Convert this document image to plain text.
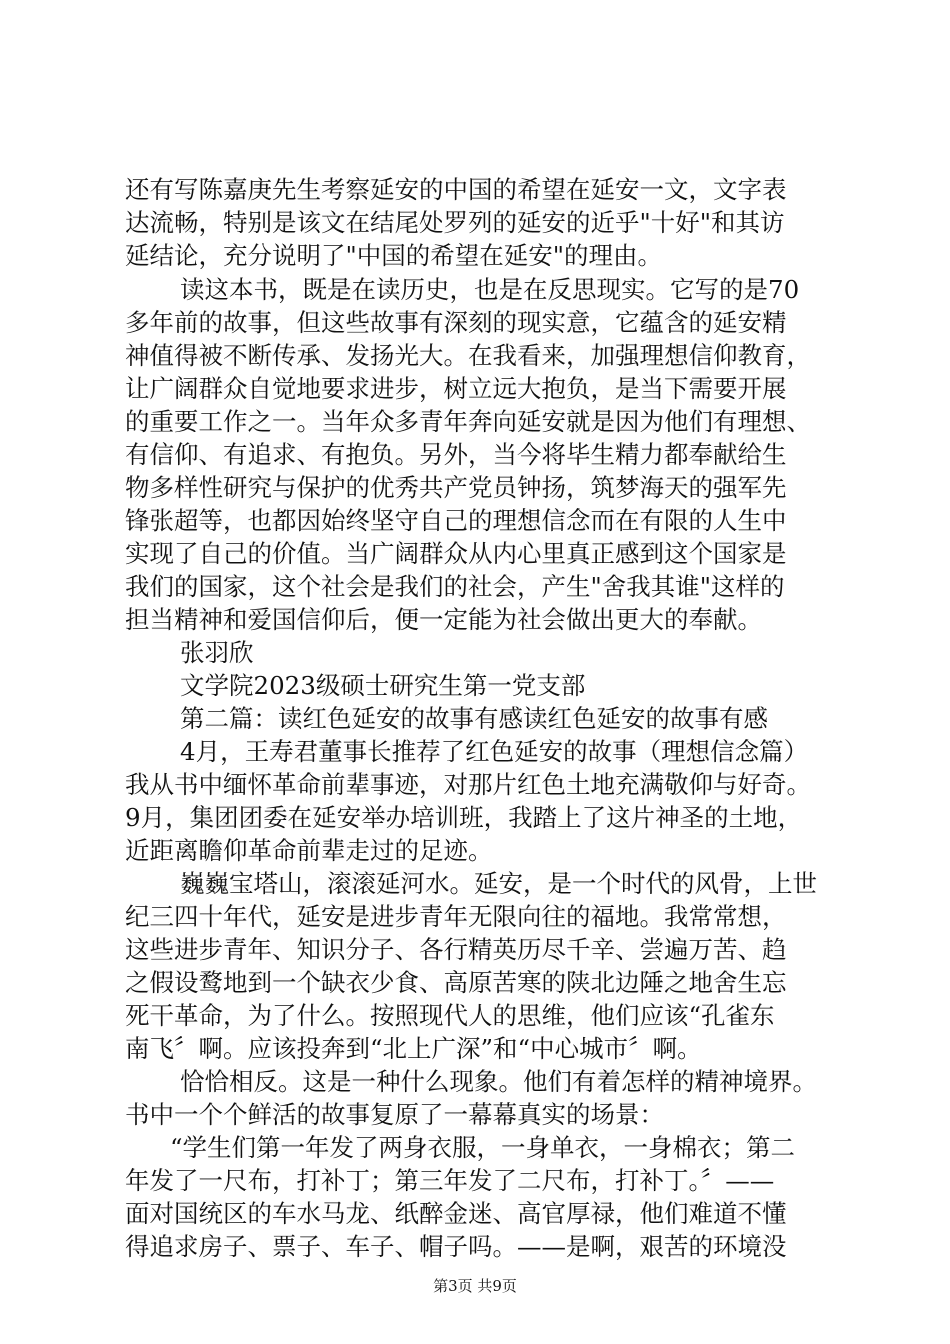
还有写陈嘉庚先生考察延安的中国的希望在延安一文，文字表
达流畅，特别是该文在结尾处罗列的延安的近乎"十好"和其访
延结论，充分说明了"中国的希望在延安"的理由。
读这本书，既是在读历史，也是在反思现实。它写的是70
多年前的故事，但这些故事有深刻的现实意，它蕴含的延安精
神值得被不断传承、发扬光大。在我看来，加强理想信仰教育，
让广阔群众自觉地要求进步，树立远大抱负，是当下需要开展
的重要工作之一。当年众多青年奔向延安就是因为他们有理想、
有信仰、有追求、有抱负。另外，当今将毕生精力都奉献给生
物多样性研究与保护的优秀共产党员钟扬，筑梦海天的强军先
锋张超等，也都因始终坚守自己的理想信念而在有限的人生中
实现了自己的价值。当广阔群众从内心里真正感到这个国家是
我们的国家，这个社会是我们的社会，产生"舍我其谁"这样的
担当精神和爱国信仰后，便一定能为社会做出更大的奉献。
张羽欣
文学院2023级硕士研究生第一党支部
第二篇：读红色延安的故事有感读红色延安的故事有感
4月，王寿君董事长推荐了红色延安的故事（理想信念篇）
我从书中缅怀革命前辈事迹，对那片红色土地充满敬仰与好奇。
9月，集团团委在延安举办培训班，我踏上了这片神圣的土地，
近距离瞻仰革命前辈走过的足迹。
巍巍宝塔山，滚滚延河水。延安，是一个时代的风骨，上世
纪三四十年代，延安是进步青年无限向往的福地。我常常想，
这些进步青年、知识分子、各行精英历尽千辛、尝遍万苦、趋
之假设鹜地到一个缺衣少食、高原苦寒的陕北边陲之地舍生忘
死干革命，为了什么。按照现代人的思维，他们应该“孔雀东
南飞〞啊。应该投奔到“北上广深”和“中心城市〞啊。
恰恰相反。这是一种什么现象。他们有着怎样的精神境界。
书中一个个鲜活的故事复原了一幕幕真实的场景：
“学生们第一年发了两身衣服，一身单衣，一身棉衣；第二
年发了一尺布，打补丁；第三年发了二尺布，打补丁。〞——
面对国统区的车水马龙、纸醉金迷、高官厚禄，他们难道不懂
得追求房子、票子、车子、帽子吗。——是啊，艰苦的环境没
第3页 共9页
